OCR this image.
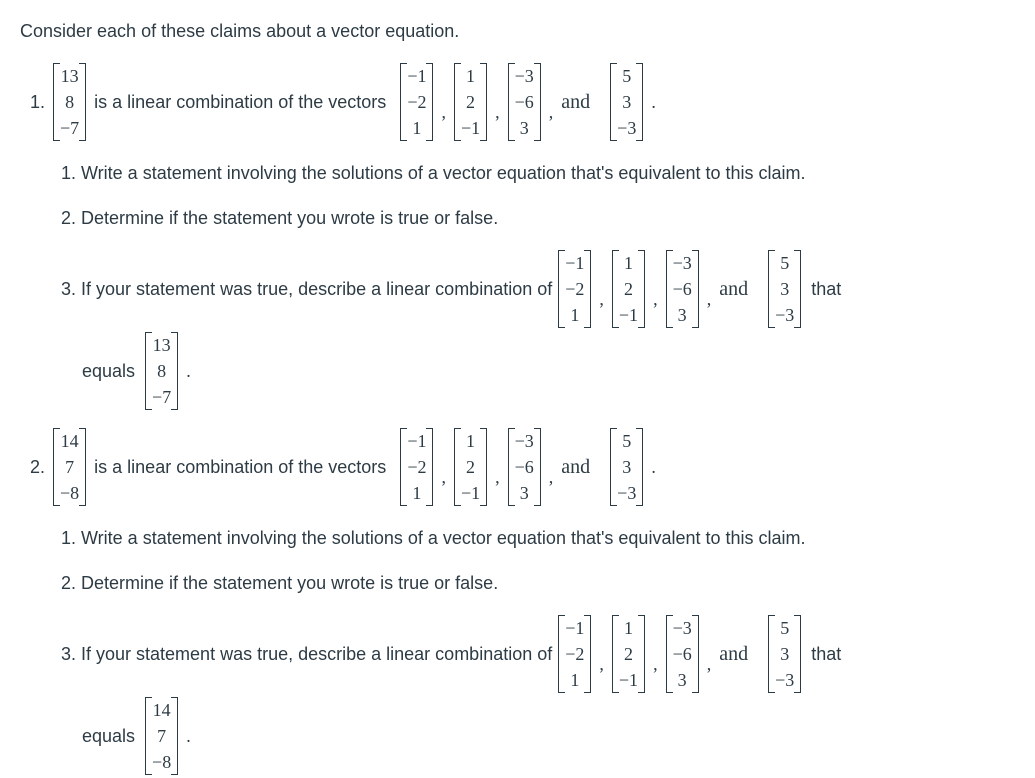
Consider each of these claims about a vector equation.
1.
13
8
−7
is a linear combination of the vectors
−1
−2
1
,
1
2
−1
,
−3
−6
3
, and
5
3
−3
.
1. Write a statement involving the solutions of a vector equation that's equivalent to this claim.
2. Determine if the statement you wrote is true or false.
3. If your statement was true, describe a linear combination of
−1
−2
1
,
1
2
−1
,
−3
−6
3
, and
5
3
−3
that
equals
13
8
−7
.
2.
14
7
−8
is a linear combination of the vectors
−1
−2
1
,
1
2
−1
,
−3
−6
3
, and
5
3
−3
.
1. Write a statement involving the solutions of a vector equation that's equivalent to this claim.
2. Determine if the statement you wrote is true or false.
3. If your statement was true, describe a linear combination of
−1
−2
1
,
1
2
−1
,
−3
−6
3
, and
5
3
−3
that
equals
14
7
−8
.
